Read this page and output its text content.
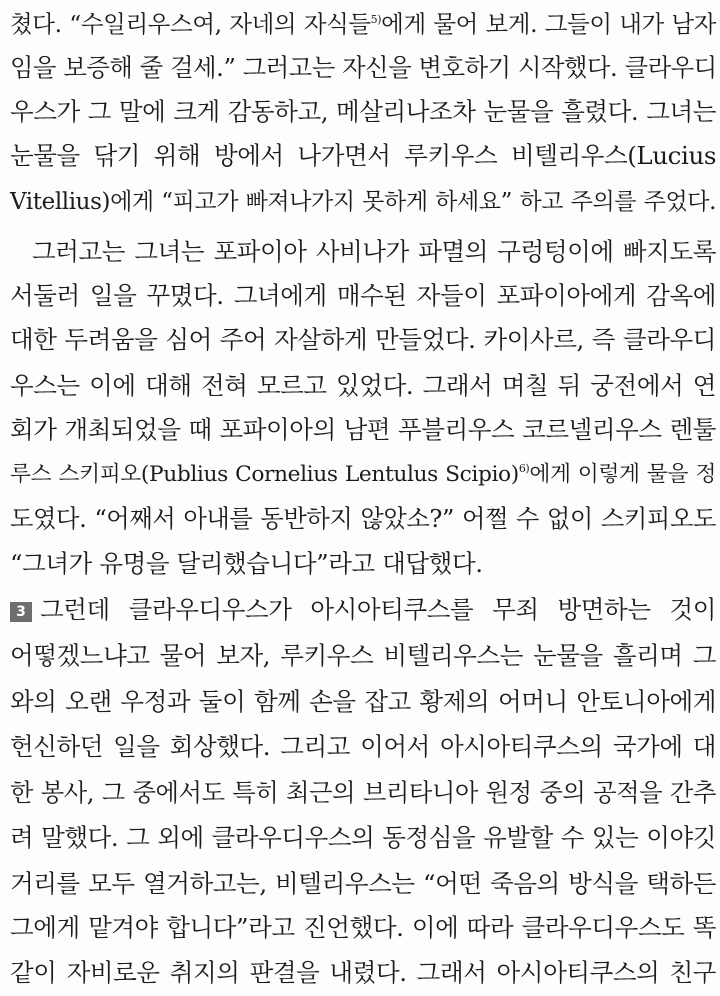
쳤다. “수일리우스여, 자네의 자식들$^{5)}$에게 물어 보게. 그들이 내가 남자
임을 보증해 줄 걸세.” 그러고는 자신을 변호하기 시작했다. 클라우디
우스가 그 말에 크게 감동하고, 메살리나조차 눈물을 흘렸다. 그녀는
눈물을 닦기 위해 방에서 나가면서 루키우스 비텔리우스(Lucius
Vitellius)에게 “피고가 빠져나가지 못하게 하세요” 하고 주의를 주었다.
그러고는 그녀는 포파이아 사비나가 파멸의 구렁텅이에 빠지도록
서둘러 일을 꾸몄다. 그녀에게 매수된 자들이 포파이아에게 감옥에
대한 두려움을 심어 주어 자살하게 만들었다. 카이사르, 즉 클라우디
우스는 이에 대해 전혀 모르고 있었다. 그래서 며칠 뒤 궁전에서 연
회가 개최되었을 때 포파이아의 남편 푸블리우스 코르넬리우스 렌툴
루스 스키피오(Publius Cornelius Lentulus Scipio)$^{6)}$에게 이렇게 물을 정
도였다. “어째서 아내를 동반하지 않았소?” 어쩔 수 없이 스키피오도
“그녀가 유명을 달리했습니다”라고 대답했다.
3 그런데 클라우디우스가 아시아티쿠스를 무죄 방면하는 것이
어떻겠느냐고 물어 보자, 루키우스 비텔리우스는 눈물을 흘리며 그
와의 오랜 우정과 둘이 함께 손을 잡고 황제의 어머니 안토니아에게
헌신하던 일을 회상했다. 그리고 이어서 아시아티쿠스의 국가에 대
한 봉사, 그 중에서도 특히 최근의 브리타니아 원정 중의 공적을 간추
려 말했다. 그 외에 클라우디우스의 동정심을 유발할 수 있는 이야깃
거리를 모두 열거하고는, 비텔리우스는 “어떤 죽음의 방식을 택하든
그에게 맡겨야 합니다”라고 진언했다. 이에 따라 클라우디우스도 똑
같이 자비로운 취지의 판결을 내렸다. 그래서 아시아티쿠스의 친구
